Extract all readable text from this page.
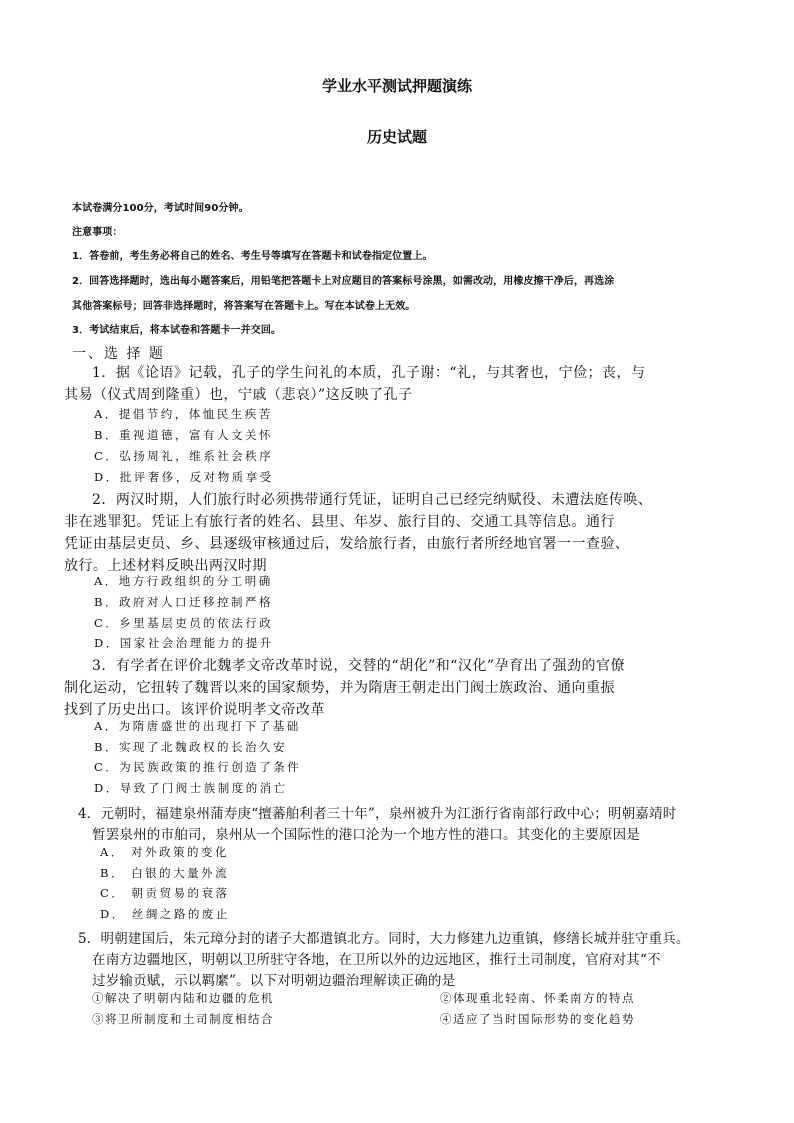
学业水平测试押题演练
历史试题
本试卷满分100分，考试时间90分钟。
注意事项：
1．答卷前，考生务必将自己的姓名、考生号等填写在答题卡和试卷指定位置上。
2．回答选择题时，选出每小题答案后，用铅笔把答题卡上对应题目的答案标号涂黑，如需改动，用橡皮擦干净后，再选涂
其他答案标号；回答非选择题时，将答案写在答题卡上。写在本试卷上无效。
3．考试结束后，将本试卷和答题卡一并交回。
一、选 择 题
1．据《论语》记载，孔子的学生问礼的本质，孔子谢：“礼，与其奢也，宁俭；丧，与
其易（仪式周到隆重）也，宁戚（悲哀）”这反映了孔子
A．提倡节约，体恤民生疾苦
B．重视道德，富有人文关怀
C．弘扬周礼，维系社会秩序
D．批评奢侈，反对物质享受
2．两汉时期，人们旅行时必须携带通行凭证，证明自己已经完纳赋役、未遭法庭传唤、
非在逃罪犯。凭证上有旅行者的姓名、县里、年岁、旅行目的、交通工具等信息。通行
凭证由基层吏员、乡、县逐级审核通过后，发给旅行者，由旅行者所经地官署一一查验、
放行。上述材料反映出两汉时期
A．地方行政组织的分工明确
B．政府对人口迁移控制严格
C．乡里基层吏员的依法行政
D．国家社会治理能力的提升
3．有学者在评价北魏孝文帝改革时说，交替的“胡化”和“汉化”孕育出了强劲的官僚
制化运动，它扭转了魏晋以来的国家颓势，并为隋唐王朝走出门阀士族政治、通向重振
找到了历史出口。该评价说明孝文帝改革
A．为隋唐盛世的出现打下了基础
B．实现了北魏政权的长治久安
C．为民族政策的推行创造了条件
D．导致了门阀士族制度的消亡
4．元朝时，福建泉州蒲寿庚“擅蕃舶利者三十年”，泉州被升为江浙行省南部行政中心；明朝嘉靖时
暂罢泉州的市舶司，泉州从一个国际性的港口沦为一个地方性的港口。其变化的主要原因是
A． 对外政策的变化
B． 白银的大量外流
C． 朝贡贸易的衰落
D． 丝绸之路的废止
5．明朝建国后，朱元璋分封的诸子大都遣镇北方。同时，大力修建九边重镇，修缮长城并驻守重兵。
在南方边疆地区，明朝以卫所驻守各地，在卫所以外的边远地区，推行土司制度，官府对其“不
过岁输贡赋，示以羁縻”。以下对明朝边疆治理解读正确的是
①解决了明朝内陆和边疆的危机	②体现重北轻南、怀柔南方的特点
③将卫所制度和土司制度相结合	④适应了当时国际形势的变化趋势
